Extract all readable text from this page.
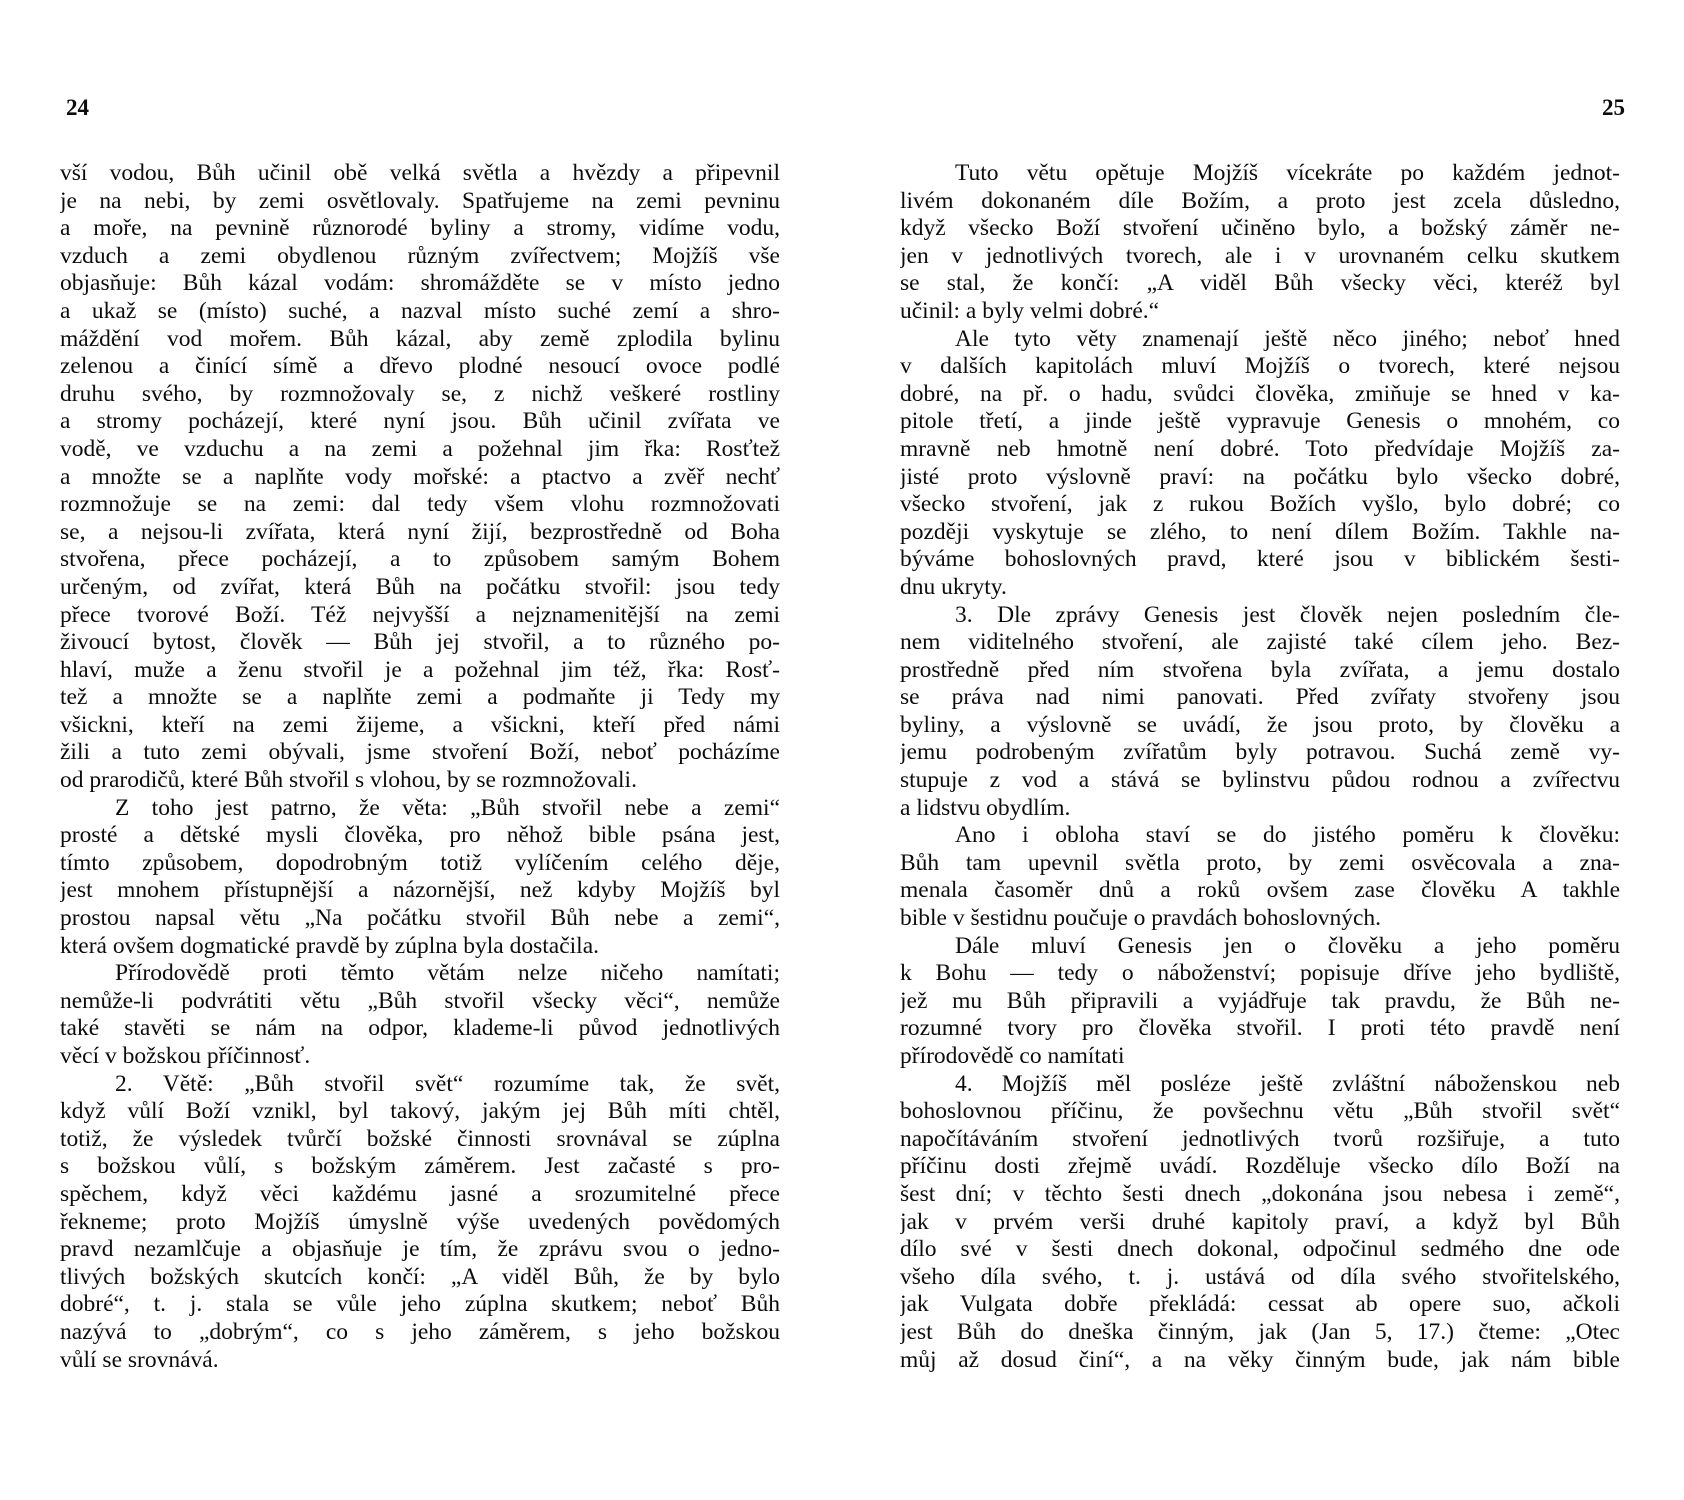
24
vší vodou, Bůh učinil obě velká světla a hvězdy a připevnil
je na nebi, by zemi osvětlovaly. Spatřujeme na zemi pevninu
a moře, na pevnině různorodé byliny a stromy, vidíme vodu,
vzduch a zemi obydlenou různým zvířectvem; Mojžíš vše
objasňuje: Bůh kázal vodám: shromážděte se v místo jedno
a ukaž se (místo) suché, a nazval místo suché zemí a shro-
máždění vod mořem. Bůh kázal, aby země zplodila bylinu
zelenou a činící símě a dřevo plodné nesoucí ovoce podlé
druhu svého, by rozmnožovaly se, z nichž veškeré rostliny
a stromy pocházejí, které nyní jsou. Bůh učinil zvířata ve
vodě, ve vzduchu a na zemi a požehnal jim řka: Rosťtež
a množte se a naplňte vody mořské: a ptactvo a zvěř nechť
rozmnožuje se na zemi: dal tedy všem vlohu rozmnožovati
se, a nejsou-li zvířata, která nyní žijí, bezprostředně od Boha
stvořena, přece pocházejí, a to způsobem samým Bohem
určeným, od zvířat, která Bůh na počátku stvořil: jsou tedy
přece tvorové Boží. Též nejvyšší a nejznamenitější na zemi
živoucí bytost, člověk — Bůh jej stvořil, a to různého po-
hlaví, muže a ženu stvořil je a požehnal jim též, řka: Rosť-
tež a množte se a naplňte zemi a podmaňte ji Tedy my
všickni, kteří na zemi žijeme, a všickni, kteří před námi
žili a tuto zemi obývali, jsme stvoření Boží, neboť pocházíme
od prarodičů, které Bůh stvořil s vlohou, by se rozmnožovali.
Z toho jest patrno, že věta: „Bůh stvořil nebe a zemi“
prosté a dětské mysli člověka, pro něhož bible psána jest,
tímto způsobem, dopodrobným totiž vylíčením celého děje,
jest mnohem přístupnější a názornější, než kdyby Mojžíš byl
prostou napsal větu „Na počátku stvořil Bůh nebe a zemi“,
která ovšem dogmatické pravdě by zúplna byla dostačila.
Přírodovědě proti těmto větám nelze ničeho namítati;
nemůže-li podvrátiti větu „Bůh stvořil všecky věci“, nemůže
také stavěti se nám na odpor, klademe-li původ jednotlivých
věcí v božskou příčinnosť.
2. Větě: „Bůh stvořil svět“ rozumíme tak, že svět,
když vůlí Boží vznikl, byl takový, jakým jej Bůh míti chtěl,
totiž, že výsledek tvůrčí božské činnosti srovnával se zúplna
s božskou vůlí, s božským záměrem. Jest začasté s pro-
spěchem, když věci každému jasné a srozumitelné přece
řekneme; proto Mojžíš úmyslně výše uvedených povědomých
pravd nezamlčuje a objasňuje je tím, že zprávu svou o jedno-
tlivých božských skutcích končí: „A viděl Bůh, že by bylo
dobré“, t. j. stala se vůle jeho zúplna skutkem; neboť Bůh
nazývá to „dobrým“, co s jeho záměrem, s jeho božskou
vůlí se srovnává.
25
Tuto větu opětuje Mojžíš vícekráte po každém jednot-
livém dokonaném díle Božím, a proto jest zcela důsledno,
když všecko Boží stvoření učiněno bylo, a božský záměr ne-
jen v jednotlivých tvorech, ale i v urovnaném celku skutkem
se stal, že končí: „A viděl Bůh všecky věci, kteréž byl
učinil: a byly velmi dobré.“
Ale tyto věty znamenají ještě něco jiného; neboť hned
v dalších kapitolách mluví Mojžíš o tvorech, které nejsou
dobré, na př. o hadu, svůdci člověka, zmiňuje se hned v ka-
pitole třetí, a jinde ještě vypravuje Genesis o mnohém, co
mravně neb hmotně není dobré. Toto předvídaje Mojžíš za-
jisté proto výslovně praví: na počátku bylo všecko dobré,
všecko stvoření, jak z rukou Božích vyšlo, bylo dobré; co
později vyskytuje se zlého, to není dílem Božím. Takhle na-
býváme bohoslovných pravd, které jsou v biblickém šesti-
dnu ukryty.
3. Dle zprávy Genesis jest člověk nejen posledním čle-
nem viditelného stvoření, ale zajisté také cílem jeho. Bez-
prostředně před ním stvořena byla zvířata, a jemu dostalo
se práva nad nimi panovati. Před zvířaty stvořeny jsou
byliny, a výslovně se uvádí, že jsou proto, by člověku a
jemu podrobeným zvířatům byly potravou. Suchá země vy-
stupuje z vod a stává se bylinstvu půdou rodnou a zvířectvu
a lidstvu obydlím.
Ano i obloha staví se do jistého poměru k člověku:
Bůh tam upevnil světla proto, by zemi osvěcovala a zna-
menala časoměr dnů a roků ovšem zase člověku A takhle
bible v šestidnu poučuje o pravdách bohoslovných.
Dále mluví Genesis jen o člověku a jeho poměru
k Bohu — tedy o náboženství; popisuje dříve jeho bydliště,
jež mu Bůh připravili a vyjádřuje tak pravdu, že Bůh ne-
rozumné tvory pro člověka stvořil. I proti této pravdě není
přírodovědě co namítati
4. Mojžíš měl posléze ještě zvláštní náboženskou neb
bohoslovnou příčinu, že povšechnu větu „Bůh stvořil svět“
napočítáváním stvoření jednotlivých tvorů rozšiřuje, a tuto
příčinu dosti zřejmě uvádí. Rozděluje všecko dílo Boží na
šest dní; v těchto šesti dnech „dokonána jsou nebesa i země“,
jak v prvém verši druhé kapitoly praví, a když byl Bůh
dílo své v šesti dnech dokonal, odpočinul sedmého dne ode
všeho díla svého, t. j. ustává od díla svého stvořitelského,
jak Vulgata dobře překládá: cessat ab opere suo, ačkoli
jest Bůh do dneška činným, jak (Jan 5, 17.) čteme: „Otec
můj až dosud činí“, a na věky činným bude, jak nám bible
